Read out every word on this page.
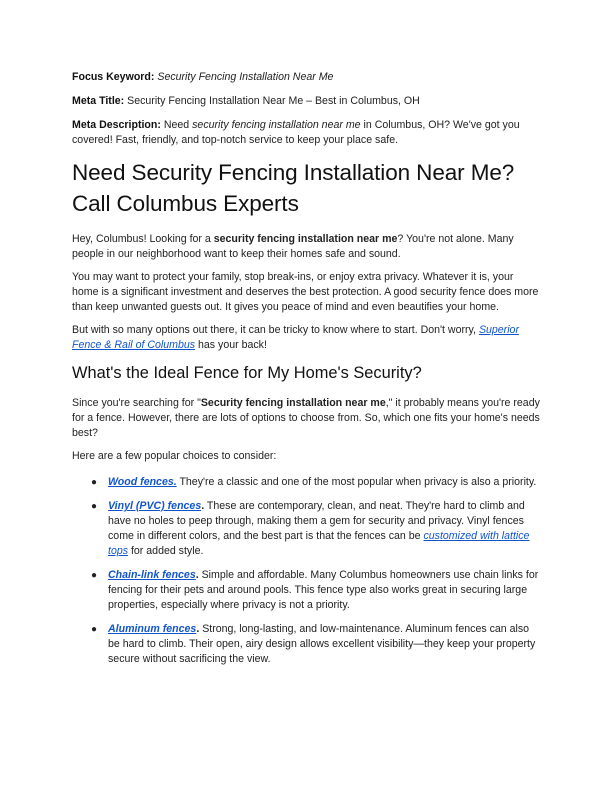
Focus Keyword: Security Fencing Installation Near Me

Meta Title: Security Fencing Installation Near Me – Best in Columbus, OH

Meta Description: Need security fencing installation near me in Columbus, OH? We've got you covered! Fast, friendly, and top-notch service to keep your place safe.

Need Security Fencing Installation Near Me? Call Columbus Experts

Hey, Columbus! Looking for a security fencing installation near me? You're not alone. Many people in our neighborhood want to keep their homes safe and sound.

You may want to protect your family, stop break-ins, or enjoy extra privacy. Whatever it is, your home is a significant investment and deserves the best protection. A good security fence does more than keep unwanted guests out. It gives you peace of mind and even beautifies your home.

But with so many options out there, it can be tricky to know where to start. Don't worry, Superior Fence & Rail of Columbus has your back!

What's the Ideal Fence for My Home's Security?

Since you're searching for "Security fencing installation near me," it probably means you're ready for a fence. However, there are lots of options to choose from. So, which one fits your home's needs best?

Here are a few popular choices to consider:

● Wood fences. They're a classic and one of the most popular when privacy is also a priority.
● Vinyl (PVC) fences. These are contemporary, clean, and neat. They're hard to climb and have no holes to peep through, making them a gem for security and privacy. Vinyl fences come in different colors, and the best part is that the fences can be customized with lattice tops for added style.
● Chain-link fences. Simple and affordable. Many Columbus homeowners use chain links for fencing for their pets and around pools. This fence type also works great in securing large properties, especially where privacy is not a priority.
● Aluminum fences. Strong, long-lasting, and low-maintenance. Aluminum fences can also be hard to climb. Their open, airy design allows excellent visibility—they keep your property secure without sacrificing the view.
